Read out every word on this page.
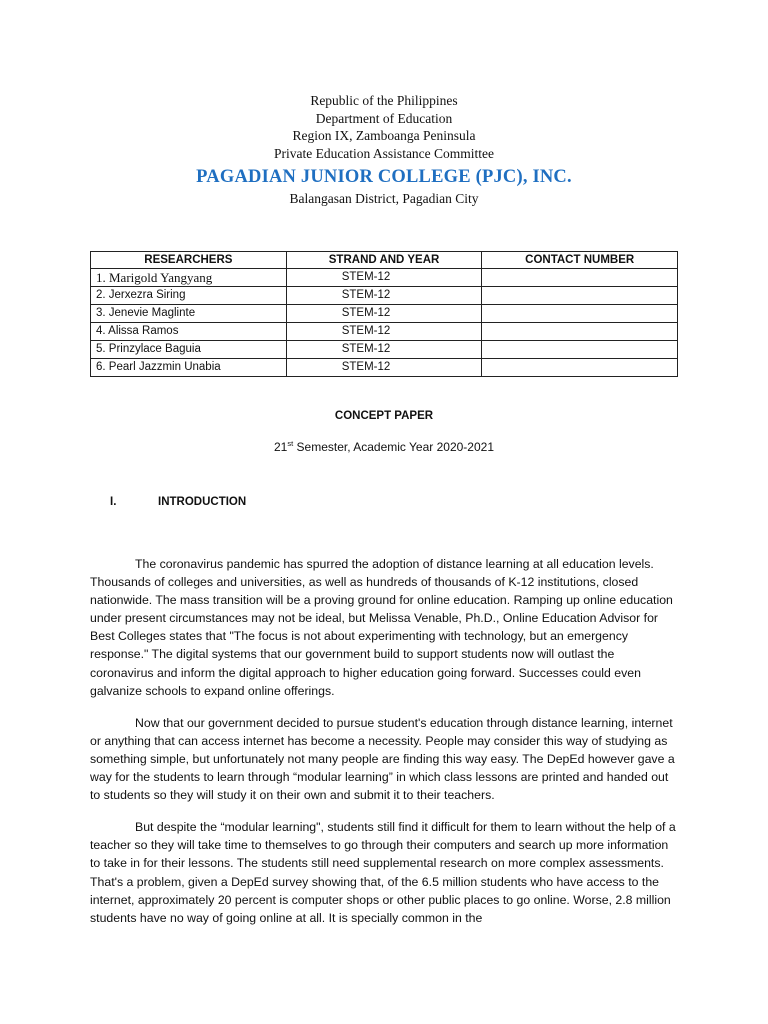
Republic of the Philippines
Department of Education
Region IX, Zamboanga Peninsula
Private Education Assistance Committee
PAGADIAN JUNIOR COLLEGE (PJC), INC.
Balangasan District, Pagadian City
RESEARCHERS	STRAND AND YEAR	CONTACT NUMBER
1. Marigold Yangyang	STEM-12	
2. Jerxezra Siring	STEM-12	
3. Jenevie Maglinte	STEM-12	
4. Alissa Ramos	STEM-12	
5. Prinzylace Baguia	STEM-12	
6. Pearl Jazzmin Unabia	STEM-12	
CONCEPT PAPER
21st Semester, Academic Year 2020-2021
I.	INTRODUCTION

The coronavirus pandemic has spurred the adoption of distance learning at all education levels. Thousands of colleges and universities, as well as hundreds of thousands of K-12 institutions, closed nationwide. The mass transition will be a proving ground for online education. Ramping up online education under present circumstances may not be ideal, but Melissa Venable, Ph.D., Online Education Advisor for Best Colleges states that "The focus is not about experimenting with technology, but an emergency response." The digital systems that our government build to support students now will outlast the coronavirus and inform the digital approach to higher education going forward. Successes could even galvanize schools to expand online offerings.

Now that our government decided to pursue student's education through distance learning, internet or anything that can access internet has become a necessity. People may consider this way of studying as something simple, but unfortunately not many people are finding this way easy. The DepEd however gave a way for the students to learn through “modular learning” in which class lessons are printed and handed out to students so they will study it on their own and submit it to their teachers.

But despite the “modular learning", students still find it difficult for them to learn without the help of a teacher so they will take time to themselves to go through their computers and search up more information to take in for their lessons. The students still need supplemental research on more complex assessments. That's a problem, given a DepEd survey showing that, of the 6.5 million students who have access to the internet, approximately 20 percent is computer shops or other public places to go online. Worse, 2.8 million students have no way of going online at all. It is specially common in the
